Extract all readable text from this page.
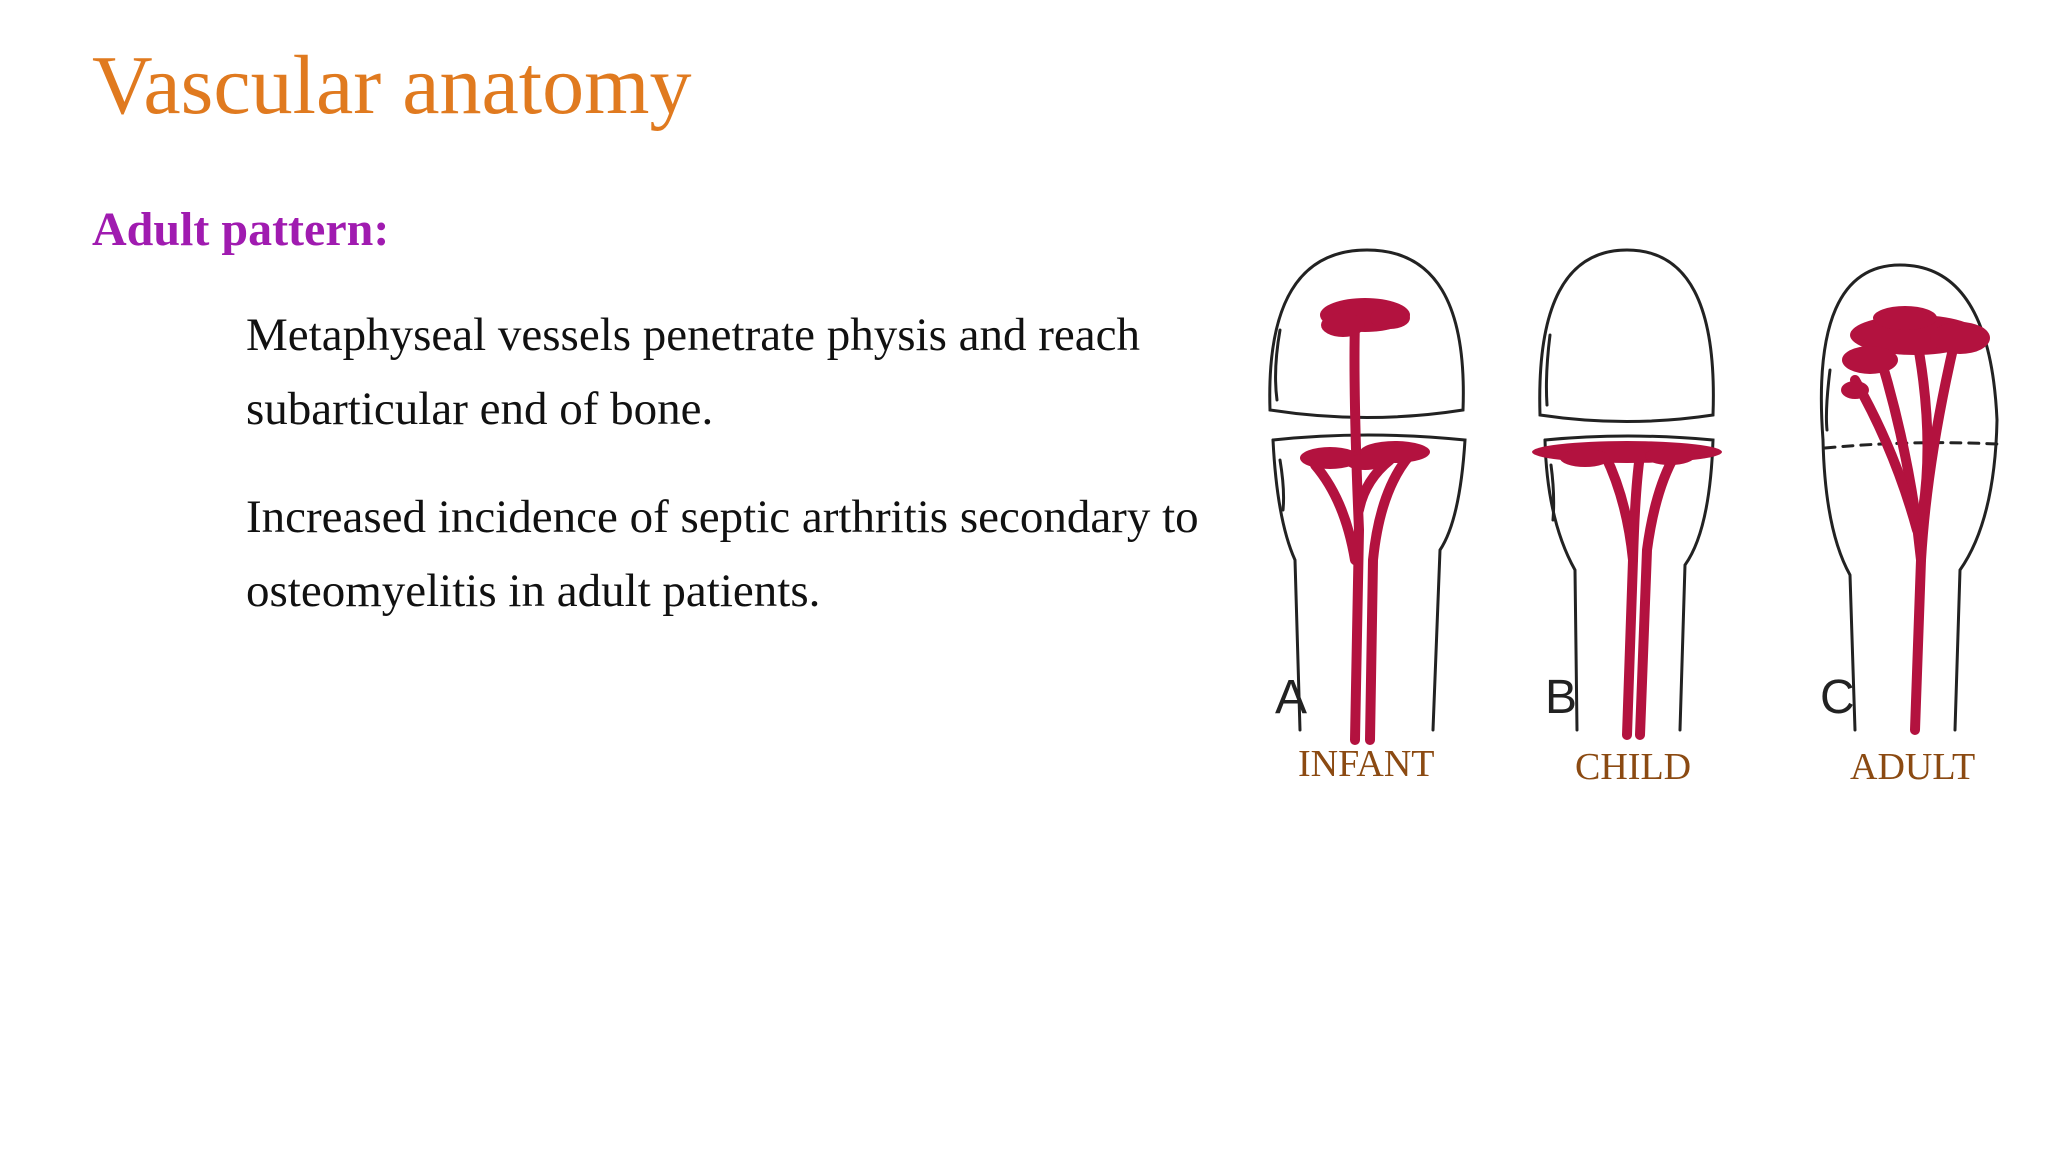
Vascular anatomy
Adult pattern:

Metaphyseal vessels penetrate physis and reach subarticular end of bone.

Increased incidence of septic arthritis secondary to osteomyelitis in adult patients.

A	B	C
INFANT	CHILD	ADULT
